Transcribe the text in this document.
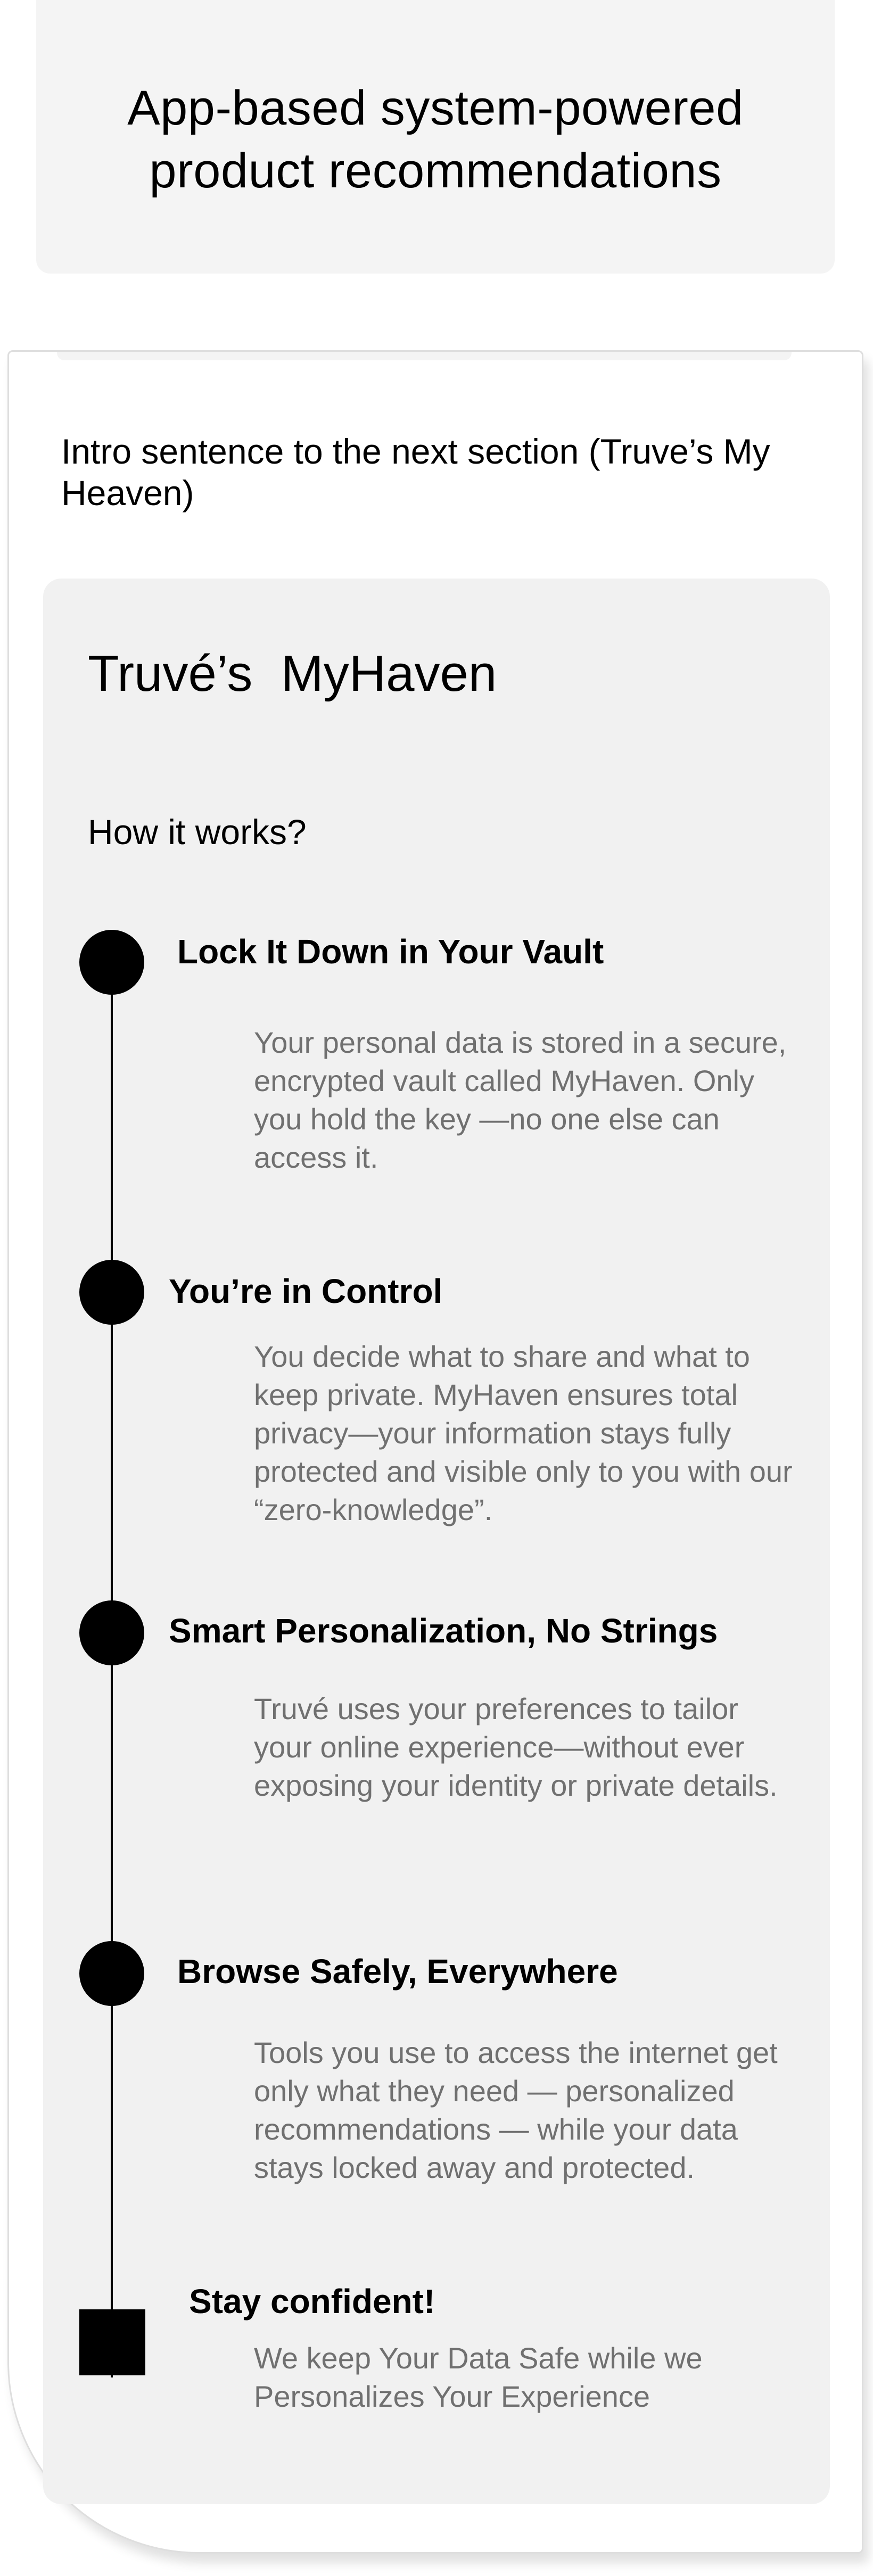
App-based system-powered
product recommendations

Intro sentence to the next section (Truve’s My Heaven)

Truvé’s  MyHaven

How it works?

Lock It Down in Your Vault

Your personal data is stored in a secure, encrypted vault called MyHaven. Only you hold the key —no one else can access it.

You’re in Control

You decide what to share and what to keep private. MyHaven ensures total privacy—your information stays fully protected and visible only to you with our “zero-knowledge”.

Smart Personalization, No Strings

Truvé uses your preferences to tailor your online experience—without ever exposing your identity or private details.

Browse Safely, Everywhere

Tools you use to access the internet get only what they need — personalized recommendations — while your data stays locked away and protected.

Stay confident!

We keep Your Data Safe while we Personalizes Your Experience
